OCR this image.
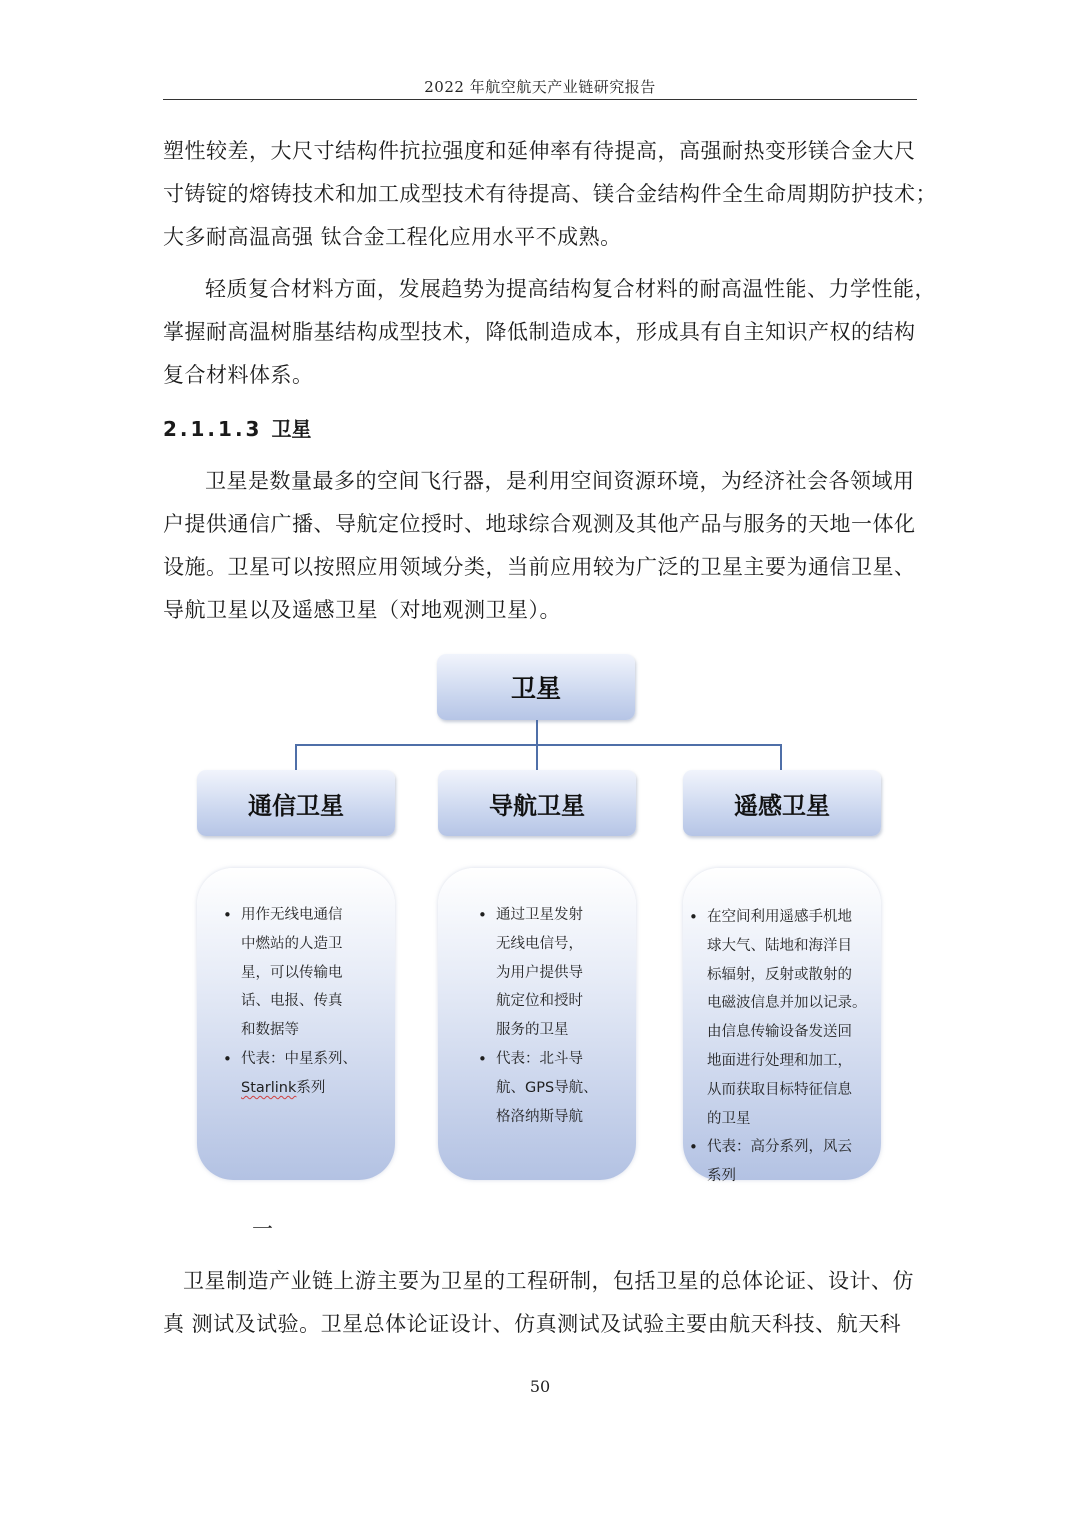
2022 年航空航天产业链研究报告

塑性较差，大尺寸结构件抗拉强度和延伸率有待提高，高强耐热变形镁合金大尺
寸铸锭的熔铸技术和加工成型技术有待提高、镁合金结构件全生命周期防护技术；
大多耐高温高强 钛合金工程化应用水平不成熟。

轻质复合材料方面，发展趋势为提高结构复合材料的耐高温性能、力学性能，
掌握耐高温树脂基结构成型技术，降低制造成本，形成具有自主知识产权的结构
复合材料体系。

2.1.1.3 卫星

卫星是数量最多的空间飞行器，是利用空间资源环境，为经济社会各领域用
户提供通信广播、导航定位授时、地球综合观测及其他产品与服务的天地一体化
设施。卫星可以按照应用领域分类，当前应用较为广泛的卫星主要为通信卫星、
导航卫星以及遥感卫星（对地观测卫星）。

卫星
通信卫星	导航卫星	遥感卫星
• 用作无线电通信
中燃站的人造卫
星，可以传输电
话、电报、传真
和数据等
• 代表：中星系列、
Starlink系列
• 通过卫星发射
无线电信号，
为用户提供导
航定位和授时
服务的卫星
• 代表：北斗导
航、GPS导航、
格洛纳斯导航
• 在空间利用遥感手机地
球大气、陆地和海洋目
标辐射，反射或散射的
电磁波信息并加以记录。
由信息传输设备发送回
地面进行处理和加工，
从而获取目标特征信息
的卫星
• 代表：高分系列，风云
系列
一

卫星制造产业链上游主要为卫星的工程研制，包括卫星的总体论证、设计、仿
真 测试及试验。卫星总体论证设计、仿真测试及试验主要由航天科技、航天科

50
